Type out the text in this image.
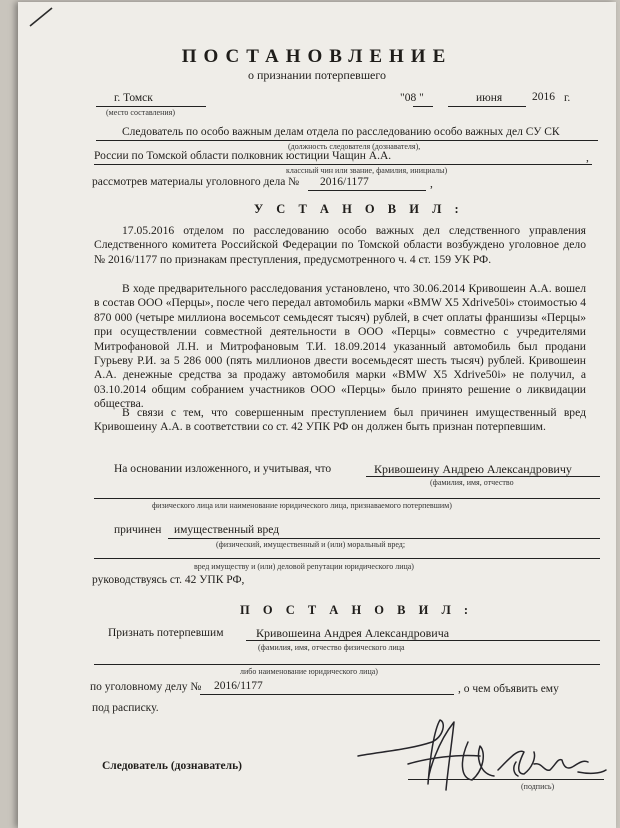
ПОСТАНОВЛЕНИЕ
о признании потерпевшего
г. Томск
(место составления)
"08 "	июня	2016 г.
Следователь по особо важным делам отдела по расследованию особо важных дел СУ СК
(должность следователя (дознавателя),
России по Томской области полковник юстиции Чащин А.А.	,
классный чин или звание, фамилия, инициалы)
рассмотрев материалы уголовного дела № 2016/1177	,
У С Т А Н О В И Л :
17.05.2016 отделом по расследованию особо важных дел следственного управления Следственного комитета Российской Федерации по Томской области возбуждено уголовное дело № 2016/1177 по признакам преступления, предусмотренного ч. 4 ст. 159 УК РФ.
В ходе предварительного расследования установлено, что 30.06.2014 Кривошеин А.А. вошел в состав ООО «Перцы», после чего передал автомобиль марки «BMW X5 Xdrive50i» стоимостью 4 870 000 (четыре миллиона восемьсот семьдесят тысяч) рублей, в счет оплаты франшизы «Перцы» при осуществлении совместной деятельности в ООО «Перцы» совместно с учредителями Митрофановой Л.Н. и Митрофановым Т.И. 18.09.2014 указанный автомобиль был продани Гурьеву Р.И. за 5 286 000 (пять миллионов двести восемьдесят шесть тысяч) рублей. Кривошеин А.А. денежные средства за продажу автомобиля марки «BMW X5 Xdrive50i» не получил, а 03.10.2014 общим собранием участников ООО «Перцы» было принято решение о ликвидации общества.
В связи с тем, что совершенным преступлением был причинен имущественный вред Кривошеину А.А. в соответствии со ст. 42 УПК РФ он должен быть признан потерпевшим.
На основании изложенного, и учитывая, что	Кривошеину Андрею Александровичу
(фамилия, имя, отчество
физического лица или наименование юридического лица, признаваемого потерпевшим)
причинен имущественный вред
(физический, имущественный и (или) моральный вред;
вред имуществу и (или) деловой репутации юридического лица)
руководствуясь ст. 42 УПК РФ,
П О С Т А Н О В И Л :
Признать потерпевшим	Кривошеина Андрея Александровича
(фамилия, имя, отчество физического лица
либо наименование юридического лица)
по уголовному делу № 2016/1177	, о чем объявить ему
под расписку.
Следователь (дознаватель)
(подпись)
